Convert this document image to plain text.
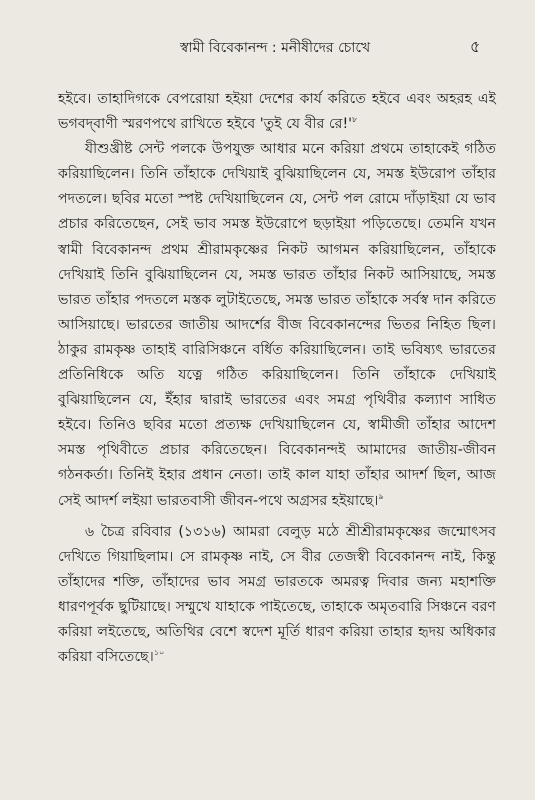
স্বামী বিবেকানন্দ : মনীষীদের চোখে	৫

হইবে। তাহাদিগকে বেপরোয়া হইয়া দেশের কার্য করিতে হইবে এবং অহরহ এই ভগবদ্‌বাণী স্মরণপথে রাখিতে হইবে 'তুই যে বীর $রে!'^৮$

যীশুখ্রীষ্ট সেন্ট পলকে উপযুক্ত আধার মনে করিয়া প্রথমে তাহাকেই গঠিত করিয়াছিলেন। তিনি তাঁহাকে দেখিয়াই বুঝিয়াছিলেন যে, সমস্ত ইউরোপ তাঁহার পদতলে। ছবির মতো স্পষ্ট দেখিয়াছিলেন যে, সেন্ট পল রোমে দাঁড়াইয়া যে ভাব প্রচার করিতেছেন, সেই ভাব সমস্ত ইউরোপে ছড়াইয়া পড়িতেছে। তেমনি যখন স্বামী বিবেকানন্দ প্রথম শ্রীরামকৃষ্ণের নিকট আগমন করিয়াছিলেন, তাঁহাকে দেখিয়াই তিনি বুঝিয়াছিলেন যে, সমস্ত ভারত তাঁহার নিকট আসিয়াছে, সমস্ত ভারত তাঁহার পদতলে মস্তক লুটাইতেছে, সমস্ত ভারত তাঁহাকে সর্বস্ব দান করিতে আসিয়াছে। ভারতের জাতীয় আদর্শের বীজ বিবেকানন্দের ভিতর নিহিত ছিল। ঠাকুর রামকৃষ্ণ তাহাই বারিসিঞ্চনে বর্ধিত করিয়াছিলেন। তাই ভবিষ্যৎ ভারতের প্রতিনিধিকে অতি যত্নে গঠিত করিয়াছিলেন। তিনি তাঁহাকে দেখিয়াই বুঝিয়াছিলেন যে, ইঁহার দ্বারাই ভারতের এবং সমগ্র পৃথিবীর কল্যাণ সাধিত হইবে। তিনিও ছবির মতো প্রত্যক্ষ দেখিয়াছিলেন যে, স্বামীজী তাঁহার আদেশ সমস্ত পৃথিবীতে প্রচার করিতেছেন। বিবেকানন্দই আমাদের জাতীয়-জীবন গঠনকর্তা। তিনিই ইহার প্রধান নেতা। তাই কাল যাহা তাঁহার আদর্শ ছিল, আজ সেই আদর্শ লইয়া ভারতবাসী জীবন-পথে অগ্রসর হইয়াছে।$^৯$

৬ চৈত্র রবিবার (১৩১৬) আমরা বেলুড় মঠে শ্রীশ্রীরামকৃষ্ণের জন্মোৎসব দেখিতে গিয়াছিলাম। সে রামকৃষ্ণ নাই, সে বীর তেজস্বী বিবেকানন্দ নাই, কিন্তু তাঁহাদের শক্তি, তাঁহাদের ভাব সমগ্র ভারতকে অমরত্ব দিবার জন্য মহাশক্তি ধারণপূর্বক ছুটিয়াছে। সম্মুখে যাহাকে পাইতেছে, তাহাকে অমৃতবারি সিঞ্চনে বরণ করিয়া লইতেছে, অতিথির বেশে স্বদেশ মূর্তি ধারণ করিয়া তাহার হৃদয় অধিকার করিয়া বসিতেছে।$^{১০}$
